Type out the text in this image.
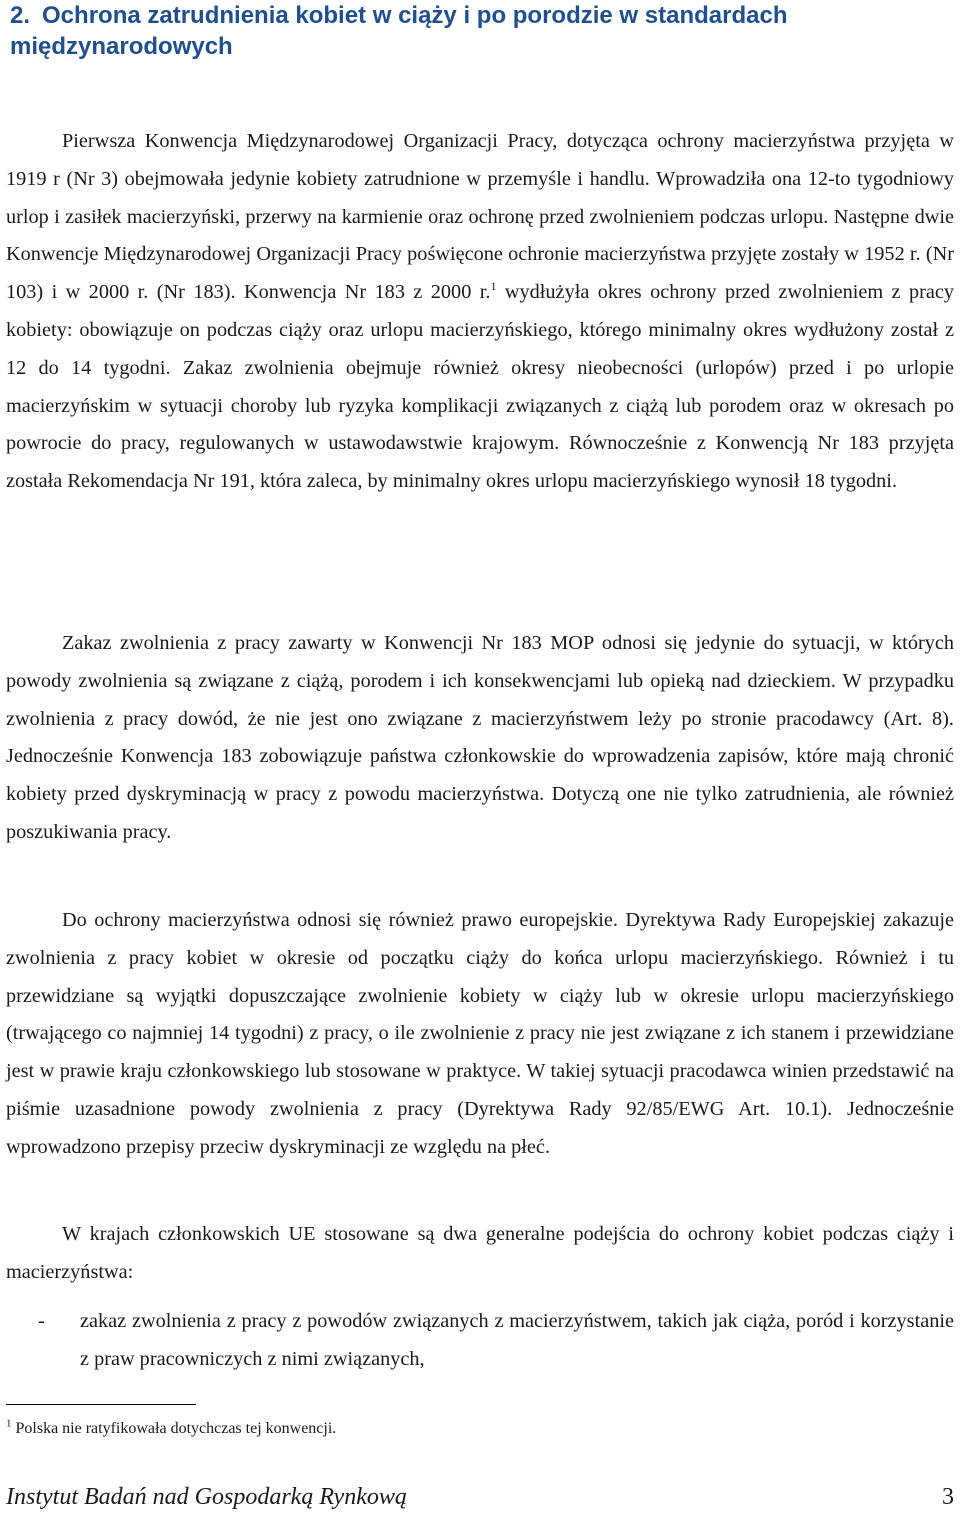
2. Ochrona zatrudnienia kobiet w ciąży i po porodzie w standardach międzynarodowych

Pierwsza Konwencja Międzynarodowej Organizacji Pracy, dotycząca ochrony macierzyństwa przyjęta w 1919 r (Nr 3) obejmowała jedynie kobiety zatrudnione w przemyśle i handlu. Wprowadziła ona 12-to tygodniowy urlop i zasiłek macierzyński, przerwy na karmienie oraz ochronę przed zwolnieniem podczas urlopu. Następne dwie Konwencje Międzynarodowej Organizacji Pracy poświęcone ochronie macierzyństwa przyjęte zostały w 1952 r. (Nr 103) i w 2000 r. (Nr 183). Konwencja Nr 183 z 2000 r.$^1$ wydłużyła okres ochrony przed zwolnieniem z pracy kobiety: obowiązuje on podczas ciąży oraz urlopu macierzyńskiego, którego minimalny okres wydłużony został z 12 do 14 tygodni. Zakaz zwolnienia obejmuje również okresy nieobecności (urlopów) przed i po urlopie macierzyńskim w sytuacji choroby lub ryzyka komplikacji związanych z ciążą lub porodem oraz w okresach po powrocie do pracy, regulowanych w ustawodawstwie krajowym. Równocześnie z Konwencją Nr 183 przyjęta została Rekomendacja Nr 191, która zaleca, by minimalny okres urlopu macierzyńskiego wynosił 18 tygodni.

Zakaz zwolnienia z pracy zawarty w Konwencji Nr 183 MOP odnosi się jedynie do sytuacji, w których powody zwolnienia są związane z ciążą, porodem i ich konsekwencjami lub opieką nad dzieckiem. W przypadku zwolnienia z pracy dowód, że nie jest ono związane z macierzyństwem leży po stronie pracodawcy (Art. 8). Jednocześnie Konwencja 183 zobowiązuje państwa członkowskie do wprowadzenia zapisów, które mają chronić kobiety przed dyskryminacją w pracy z powodu macierzyństwa. Dotyczą one nie tylko zatrudnienia, ale również poszukiwania pracy.

Do ochrony macierzyństwa odnosi się również prawo europejskie. Dyrektywa Rady Europejskiej zakazuje zwolnienia z pracy kobiet w okresie od początku ciąży do końca urlopu macierzyńskiego. Również i tu przewidziane są wyjątki dopuszczające zwolnienie kobiety w ciąży lub w okresie urlopu macierzyńskiego (trwającego co najmniej 14 tygodni) z pracy, o ile zwolnienie z pracy nie jest związane z ich stanem i przewidziane jest w prawie kraju członkowskiego lub stosowane w praktyce. W takiej sytuacji pracodawca winien przedstawić na piśmie uzasadnione powody zwolnienia z pracy (Dyrektywa Rady 92/85/EWG Art. 10.1). Jednocześnie wprowadzono przepisy przeciw dyskryminacji ze względu na płeć.

W krajach członkowskich UE stosowane są dwa generalne podejścia do ochrony kobiet podczas ciąży i macierzyństwa:

- zakaz zwolnienia z pracy z powodów związanych z macierzyństwem, takich jak ciąża, poród i korzystanie z praw pracowniczych z nimi związanych,
$^1$ Polska nie ratyfikowała dotychczas tej konwencji.
Instytut Badań nad Gospodarką Rynkową	3
